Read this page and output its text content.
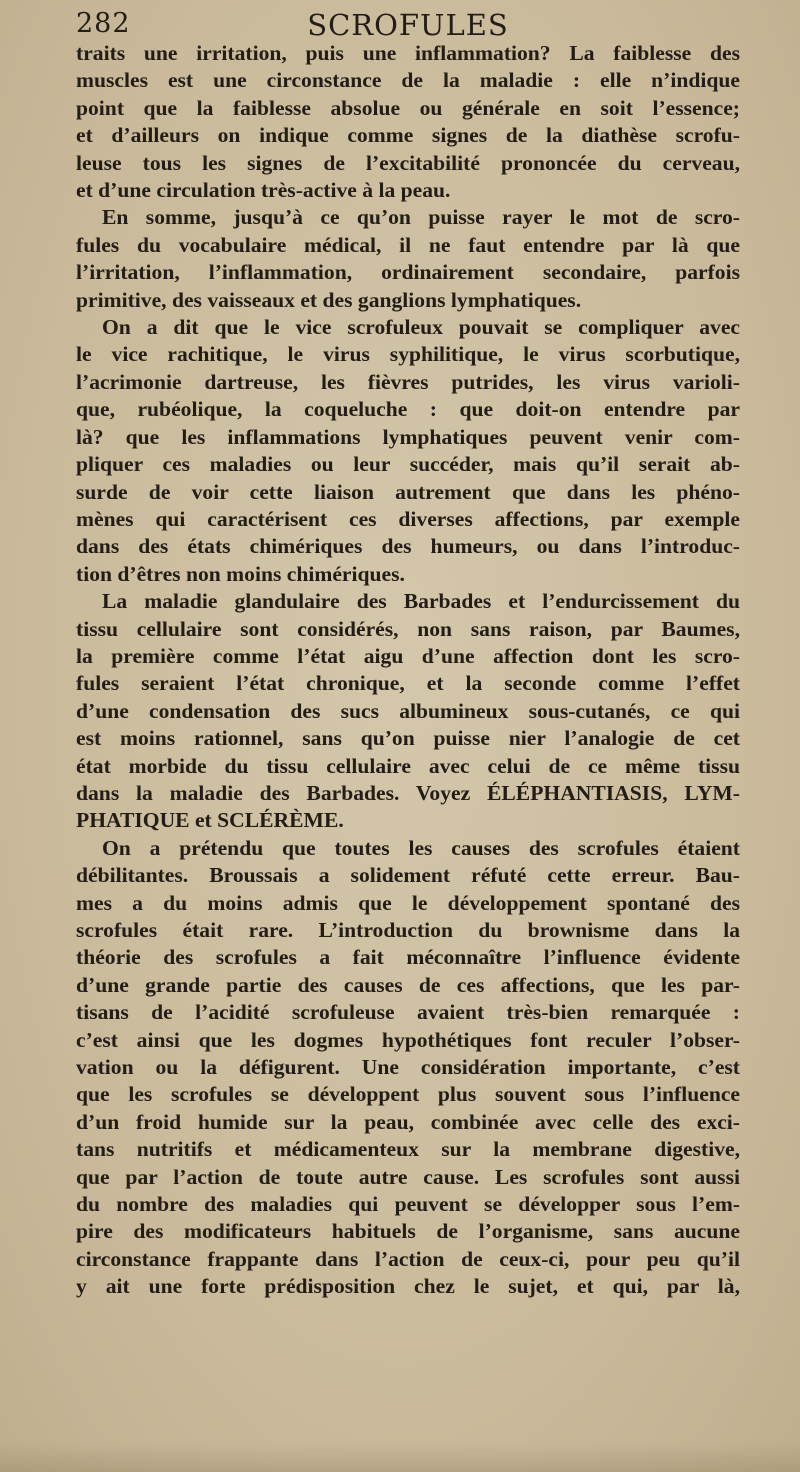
282	SCROFULES
traits une irritation, puis une inflammation? La faiblesse des
muscles est une circonstance de la maladie : elle n’indique
point que la faiblesse absolue ou générale en soit l’essence;
et d’ailleurs on indique comme signes de la diathèse scrofu-
leuse tous les signes de l’excitabilité prononcée du cerveau,
et d’une circulation très-active à la peau.
En somme, jusqu’à ce qu’on puisse rayer le mot de scro-
fules du vocabulaire médical, il ne faut entendre par là que
l’irritation, l’inflammation, ordinairement secondaire, parfois
primitive, des vaisseaux et des ganglions lymphatiques.
On a dit que le vice scrofuleux pouvait se compliquer avec
le vice rachitique, le virus syphilitique, le virus scorbutique,
l’acrimonie dartreuse, les fièvres putrides, les virus varioli-
que, rubéolique, la coqueluche : que doit-on entendre par
là? que les inflammations lymphatiques peuvent venir com-
pliquer ces maladies ou leur succéder, mais qu’il serait ab-
surde de voir cette liaison autrement que dans les phéno-
mènes qui caractérisent ces diverses affections, par exemple
dans des états chimériques des humeurs, ou dans l’introduc-
tion d’êtres non moins chimériques.
La maladie glandulaire des Barbades et l’endurcissement du
tissu cellulaire sont considérés, non sans raison, par Baumes,
la première comme l’état aigu d’une affection dont les scro-
fules seraient l’état chronique, et la seconde comme l’effet
d’une condensation des sucs albumineux sous-cutanés, ce qui
est moins rationnel, sans qu’on puisse nier l’analogie de cet
état morbide du tissu cellulaire avec celui de ce même tissu
dans la maladie des Barbades. Voyez ÉLÉPHANTIASIS, LYM-
PHATIQUE et SCLÉRÈME.
On a prétendu que toutes les causes des scrofules étaient
débilitantes. Broussais a solidement réfuté cette erreur. Bau-
mes a du moins admis que le développement spontané des
scrofules était rare. L’introduction du brownisme dans la
théorie des scrofules a fait méconnaître l’influence évidente
d’une grande partie des causes de ces affections, que les par-
tisans de l’acidité scrofuleuse avaient très-bien remarquée :
c’est ainsi que les dogmes hypothétiques font reculer l’obser-
vation ou la défigurent. Une considération importante, c’est
que les scrofules se développent plus souvent sous l’influence
d’un froid humide sur la peau, combinée avec celle des exci-
tans nutritifs et médicamenteux sur la membrane digestive,
que par l’action de toute autre cause. Les scrofules sont aussi
du nombre des maladies qui peuvent se développer sous l’em-
pire des modificateurs habituels de l’organisme, sans aucune
circonstance frappante dans l’action de ceux-ci, pour peu qu’il
y ait une forte prédisposition chez le sujet, et qui, par là,
